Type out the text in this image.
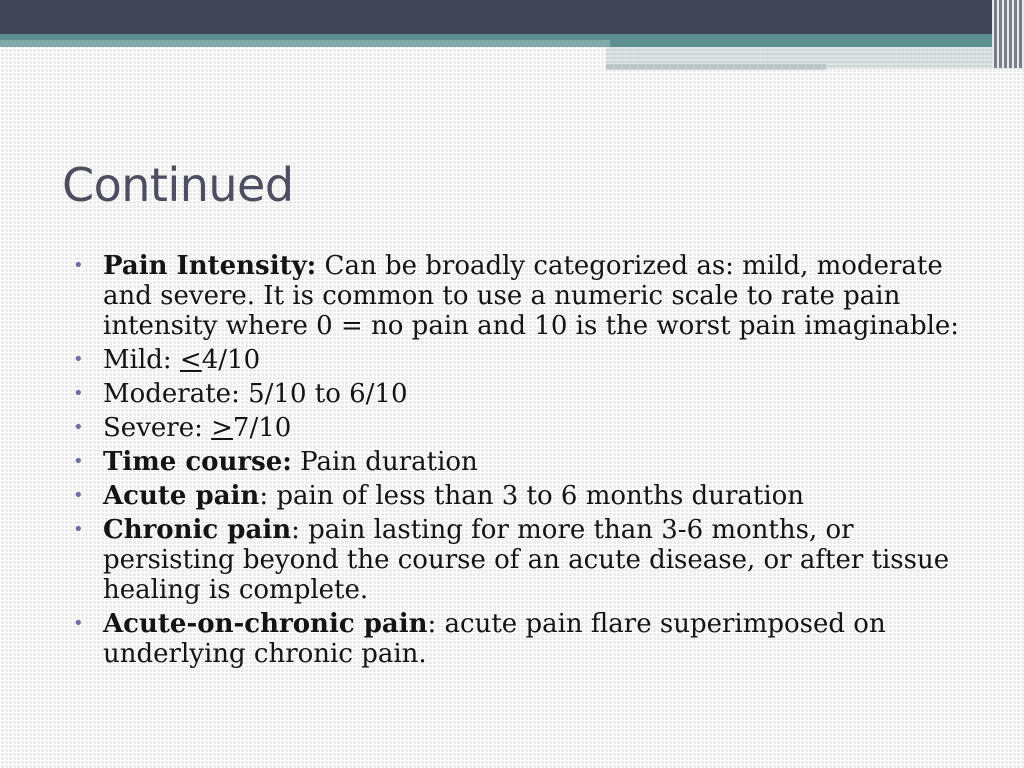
Continued
• Pain Intensity: Can be broadly categorized as: mild, moderate and severe. It is common to use a numeric scale to rate pain intensity where 0 = no pain and 10 is the worst pain imaginable:
• Mild: <4/10
• Moderate: 5/10 to 6/10
• Severe: >7/10
• Time course: Pain duration
• Acute pain: pain of less than 3 to 6 months duration
• Chronic pain: pain lasting for more than 3-6 months, or persisting beyond the course of an acute disease, or after tissue healing is complete.
• Acute-on-chronic pain: acute pain flare superimposed on underlying chronic pain.
